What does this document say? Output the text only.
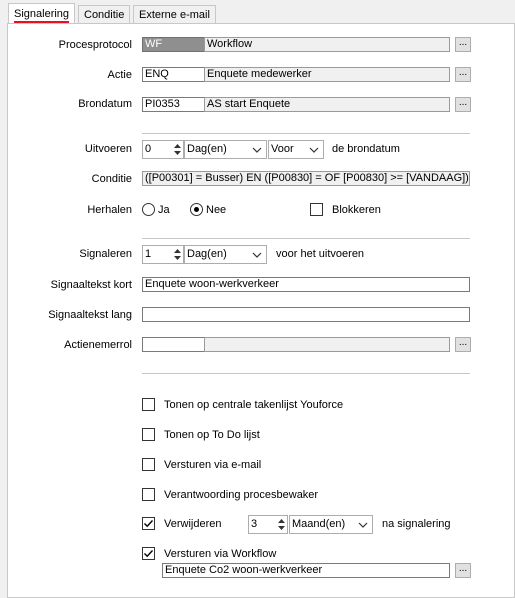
Signalering	Conditie	Externe e-mail
Procesprotocol WF	Workflow	...
Actie ENQ	Enquete medewerker	...
Brondatum PI0353	AS start Enquete	...
Uitvoeren 0	Dag(en)	Voor	de brondatum
Conditie ([P00301] = Busser) EN ([P00830] = OF [P00830] >= [VANDAAG])
Herhalen Ja	Nee	Blokkeren
Signaleren 1	Dag(en)	voor het uitvoeren
Signaaltekst kort Enquete woon-werkverkeer
Signaaltekst lang
Actienemerrol	...
Tonen op centrale takenlijst Youforce
Tonen op To Do lijst
Versturen via e-mail
Verantwoording procesbewaker
Verwijderen	3	Maand(en)	na signalering
Versturen via Workflow
Enquete Co2 woon-werkverkeer	...
